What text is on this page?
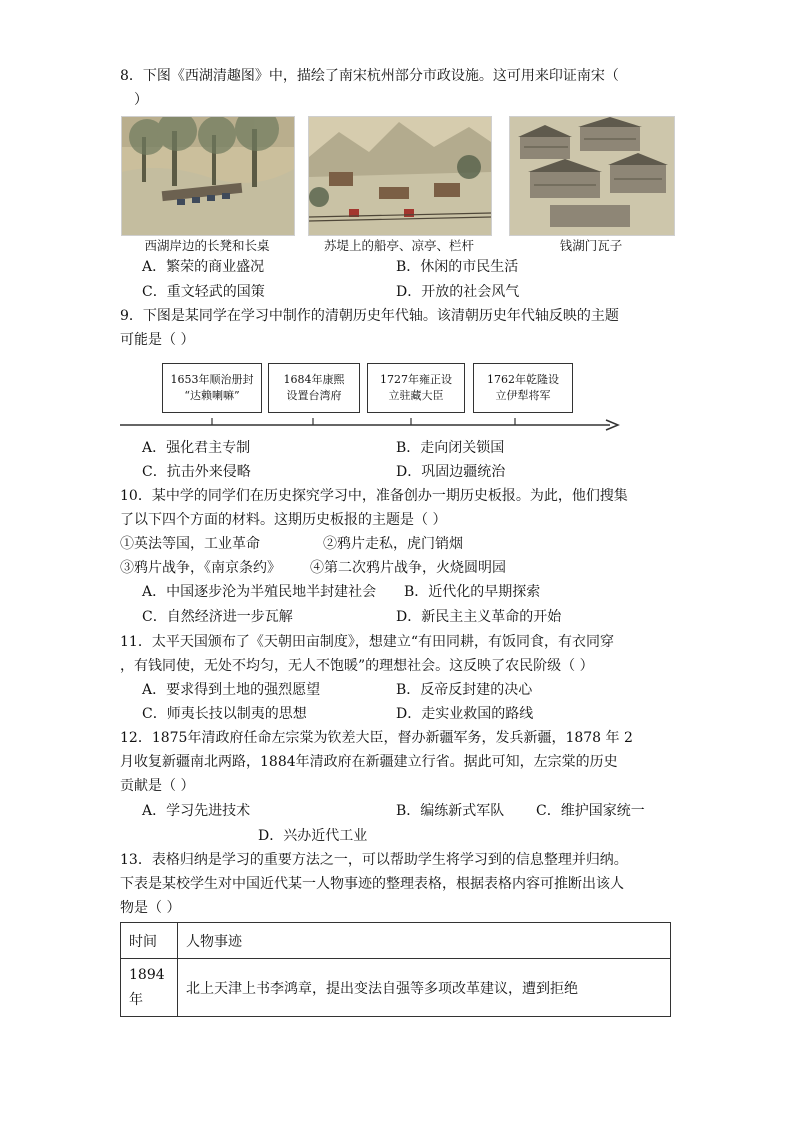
8．下图《西湖清趣图》中，描绘了南宋杭州部分市政设施。这可用来印证南宋（
）
西湖岸边的长凳和长桌	苏堤上的船亭、凉亭、栏杆	钱湖门瓦子
A．繁荣的商业盛况	B．休闲的市民生活
C．重文轻武的国策	D．开放的社会风气
9．下图是某同学在学习中制作的清朝历史年代轴。该清朝历史年代轴反映的主题
可能是（ ）
1653年顺治册封
“达赖喇嘛”
1684年康熙
设置台湾府
1727年雍正设
立驻藏大臣
1762年乾隆设
立伊犁将军
A．强化君主专制	B．走向闭关锁国
C．抗击外来侵略	D．巩固边疆统治
10．某中学的同学们在历史探究学习中，准备创办一期历史板报。为此，他们搜集
了以下四个方面的材料。这期历史板报的主题是（ ）
①英法等国，工业革命	②鸦片走私，虎门销烟
③鸦片战争，《南京条约》 ④第二次鸦片战争，火烧圆明园
A．中国逐步沦为半殖民地半封建社会 B．近代化的早期探索
C．自然经济进一步瓦解	D．新民主主义革命的开始
11．太平天国颁布了《天朝田亩制度》，想建立“有田同耕，有饭同食，有衣同穿
，有钱同使，无处不均匀，无人不饱暖”的理想社会。这反映了农民阶级（ ）
A．要求得到土地的强烈愿望	B．反帝反封建的决心
C．师夷长技以制夷的思想	D．走实业救国的路线
12．1875年清政府任命左宗棠为钦差大臣，督办新疆军务，发兵新疆，1878 年 2
月收复新疆南北两路，1884年清政府在新疆建立行省。据此可知，左宗棠的历史
贡献是（ ）
A．学习先进技术	B．编练新式军队 C．维护国家统一
D．兴办近代工业
13．表格归纳是学习的重要方法之一，可以帮助学生将学习到的信息整理并归纳。
下表是某校学生对中国近代某一人物事迹的整理表格，根据表格内容可推断出该人
物是（ ）
时间	人物事迹

1894
年	北上天津上书李鸿章，提出变法自强等多项改革建议，遭到拒绝
